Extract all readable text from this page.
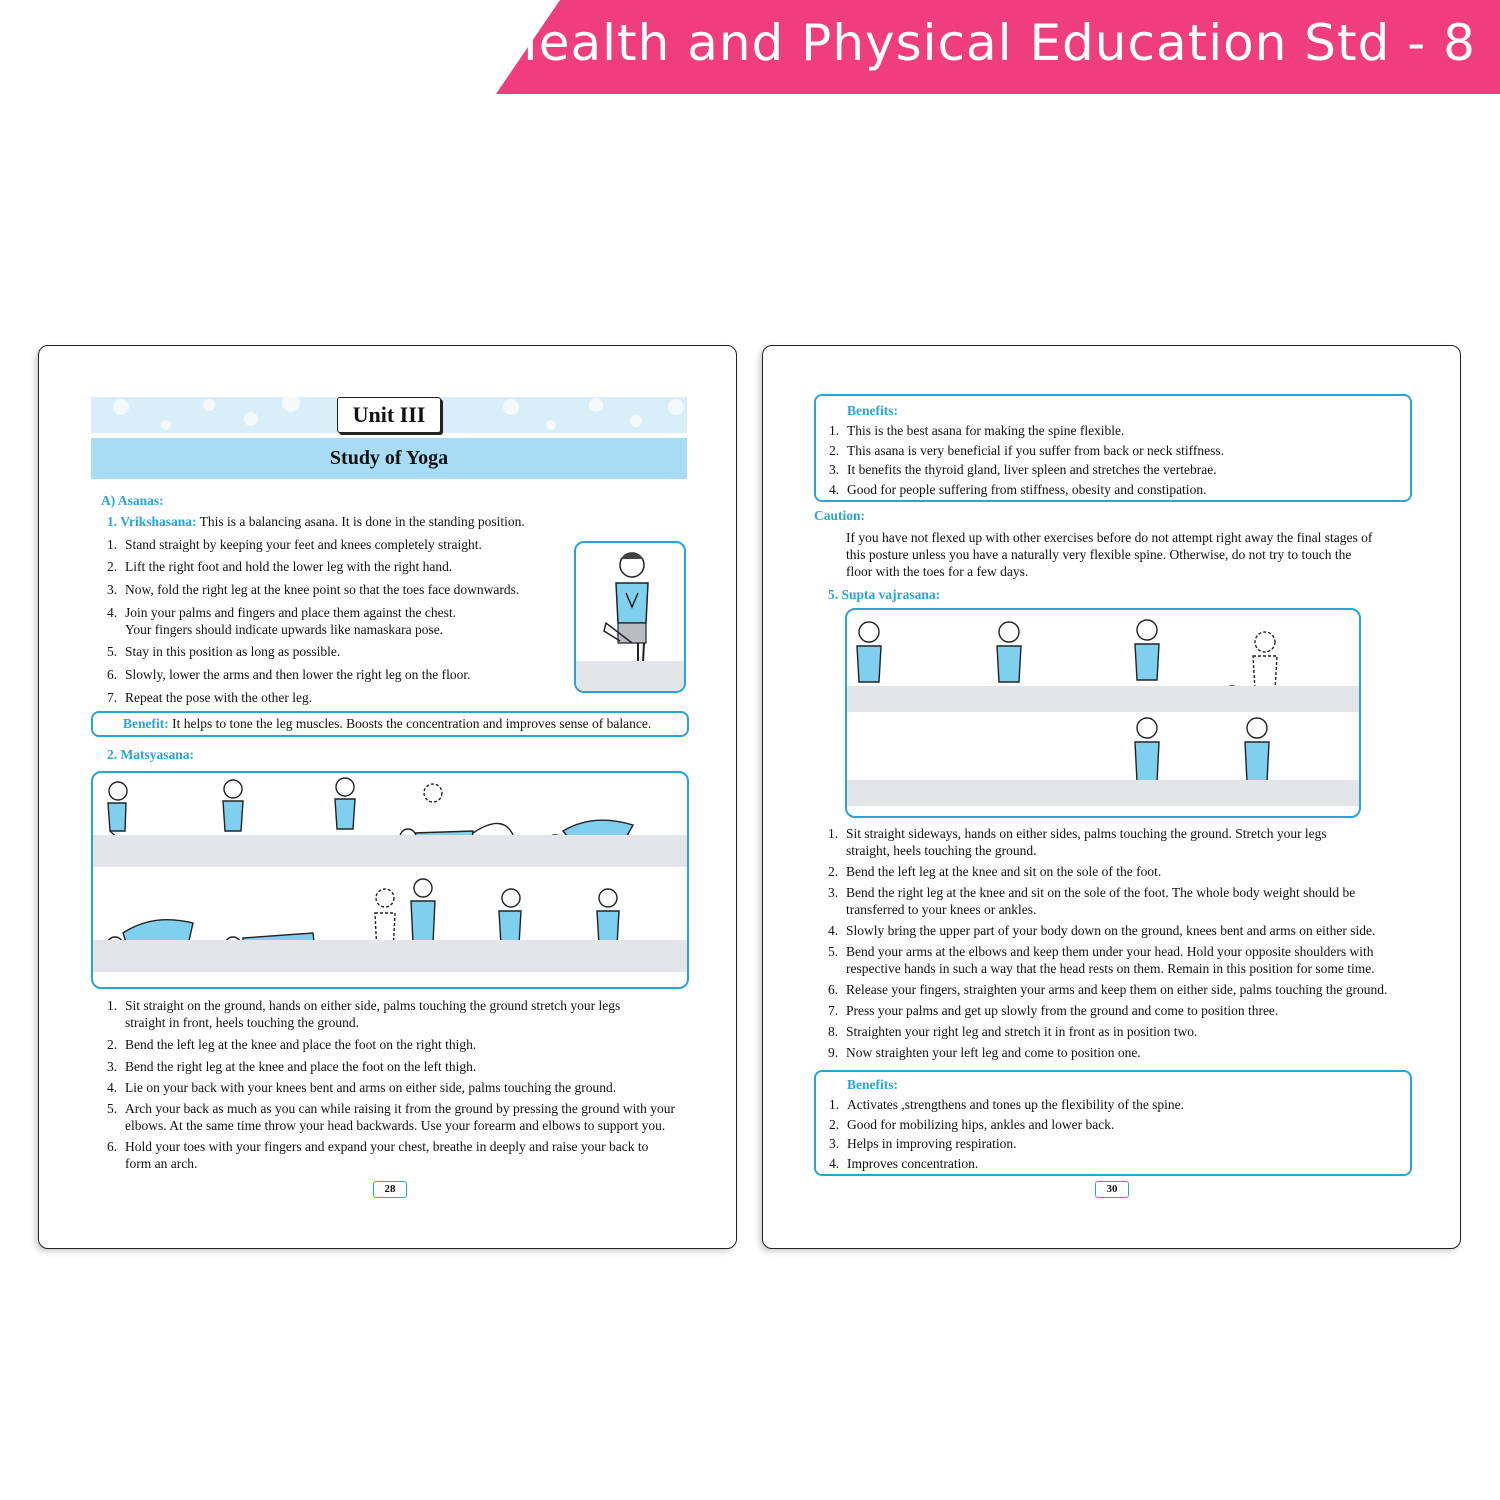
Health and Physical Education Std - 8
Unit III
Study of Yoga
A) Asanas:
1. Vrikshasana: This is a balancing asana. It is done in the standing position.
1. Stand straight by keeping your feet and knees completely straight.
2. Lift the right foot and hold the lower leg with the right hand.
3. Now, fold the right leg at the knee point so that the toes face downwards.
4. Join your palms and fingers and place them against the chest.
Your fingers should indicate upwards like namaskara pose.
5. Stay in this position as long as possible.
6. Slowly, lower the arms and then lower the right leg on the floor.
7. Repeat the pose with the other leg.
Benefit: It helps to tone the leg muscles. Boosts the concentration and improves sense of balance.
2. Matsyasana:
1. Sit straight on the ground, hands on either side, palms touching the ground stretch your legs
straight in front, heels touching the ground.
2. Bend the left leg at the knee and place the foot on the right thigh.
3. Bend the right leg at the knee and place the foot on the left thigh.
4. Lie on your back with your knees bent and arms on either side, palms touching the ground.
5. Arch your back as much as you can while raising it from the ground by pressing the ground with your
elbows. At the same time throw your head backwards. Use your forearm and elbows to support you.
6. Hold your toes with your fingers and expand your chest, breathe in deeply and raise your back to
form an arch.
28
Benefits:
1. This is the best asana for making the spine flexible.
2. This asana is very beneficial if you suffer from back or neck stiffness.
3. It benefits the thyroid gland, liver spleen and stretches the vertebrae.
4. Good for people suffering from stiffness, obesity and constipation.
Caution:
If you have not flexed up with other exercises before do not attempt right away the final stages of
this posture unless you have a naturally very flexible spine. Otherwise, do not try to touch the
floor with the toes for a few days.
5. Supta vajrasana:
1. Sit straight sideways, hands on either sides, palms touching the ground. Stretch your legs
straight, heels touching the ground.
2. Bend the left leg at the knee and sit on the sole of the foot.
3. Bend the right leg at the knee and sit on the sole of the foot. The whole body weight should be
transferred to your knees or ankles.
4. Slowly bring the upper part of your body down on the ground, knees bent and arms on either side.
5. Bend your arms at the elbows and keep them under your head. Hold your opposite shoulders with
respective hands in such a way that the head rests on them. Remain in this position for some time.
6. Release your fingers, straighten your arms and keep them on either side, palms touching the ground.
7. Press your palms and get up slowly from the ground and come to position three.
8. Straighten your right leg and stretch it in front as in position two.
9. Now straighten your left leg and come to position one.
Benefits:
1. Activates ,strengthens and tones up the flexibility of the spine.
2. Good for mobilizing hips, ankles and lower back.
3. Helps in improving respiration.
4. Improves concentration.
30
